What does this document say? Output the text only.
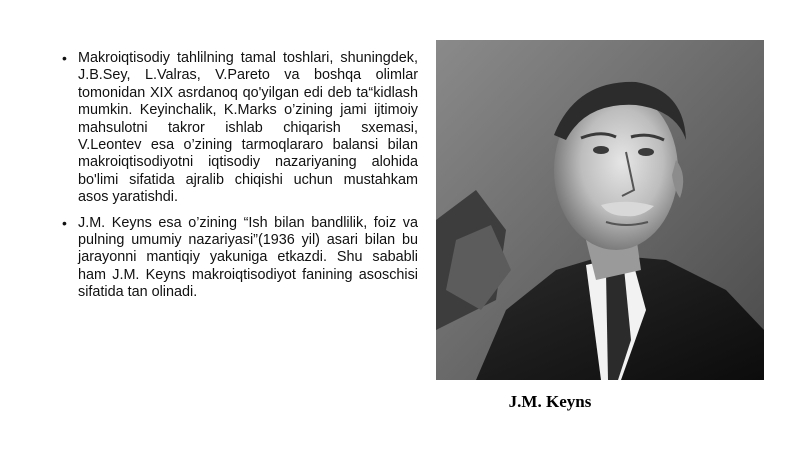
• Makroiqtisodiy tahlilning tamal toshlari, shuningdek, J.B.Sey, L.Valras, V.Pareto va boshqa olimlar tomonidan XIX asrdanoq qo'yilgan edi deb ta“kidlash mumkin. Keyinchalik, K.Marks o’zining jami ijtimoiy mahsulotni takror ishlab chiqarish sxemasi, V.Leontev esa o’zining tarmoqlararo balansi bilan makroiqtisodiyotni iqtisodiy nazariyaning alohida bo'limi sifatida ajralib chiqishi uchun mustahkam asos yaratishdi.
• J.M. Keyns esa o’zining “Ish bilan bandlilik, foiz va pulning umumiy nazariyasi”(1936 yil) asari bilan bu jarayonni mantiqiy yakuniga etkazdi. Shu sababli ham J.M. Keyns makroiqtisodiyot fanining asoschisi sifatida tan olinadi.
J.M. Keyns
